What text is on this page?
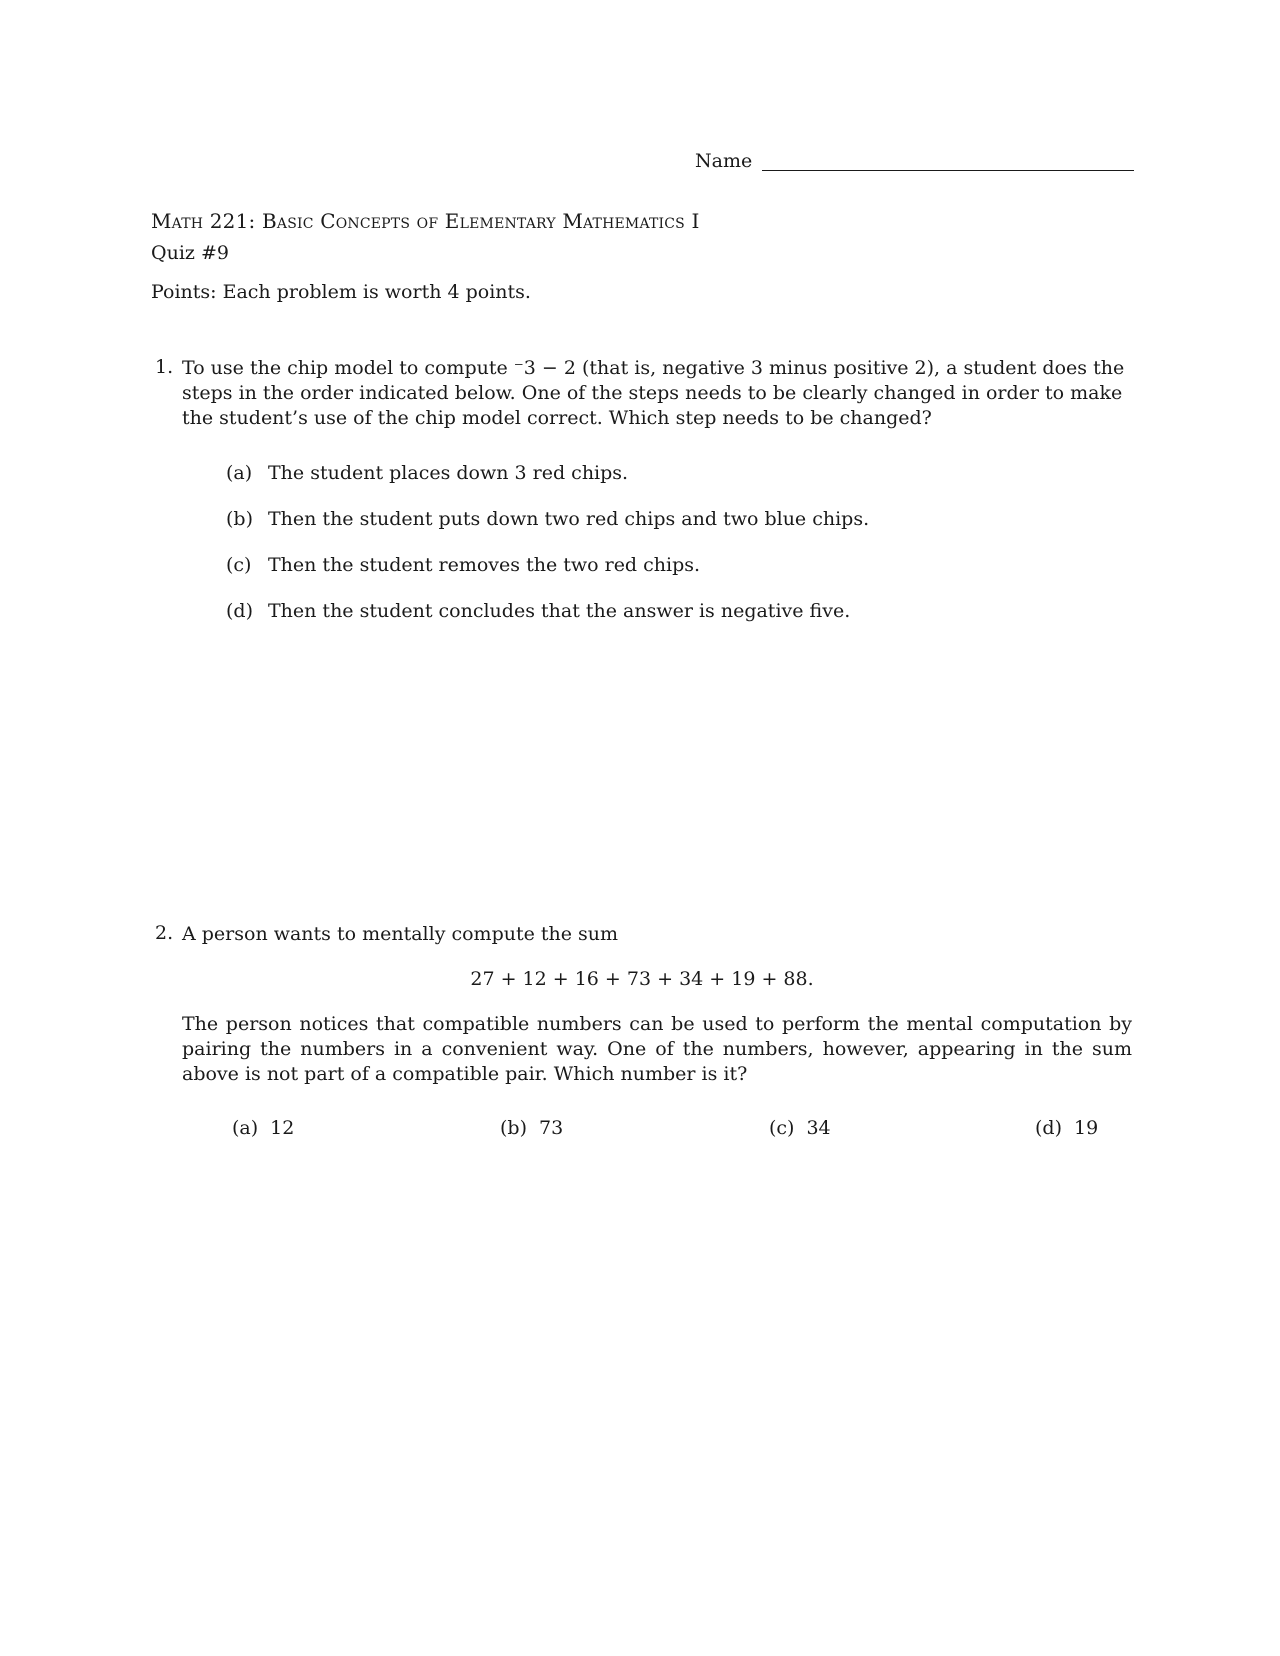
Name
Math 221: Basic Concepts of Elementary Mathematics I
Quiz #9
Points: Each problem is worth 4 points.
1. To use the chip model to compute ⁻3 − 2 (that is, negative 3 minus positive 2), a student does the steps in the order indicated below. One of the steps needs to be clearly changed in order to make the student’s use of the chip model correct. Which step needs to be changed?
(a) The student places down 3 red chips.
(b) Then the student puts down two red chips and two blue chips.
(c) Then the student removes the two red chips.
(d) Then the student concludes that the answer is negative five.
2. A person wants to mentally compute the sum
27 + 12 + 16 + 73 + 34 + 19 + 88.
The person notices that compatible numbers can be used to perform the mental computation by pairing the numbers in a convenient way. One of the numbers, however, appearing in the sum above is not part of a compatible pair. Which number is it?
(a) 12	(b) 73	(c) 34	(d) 19
